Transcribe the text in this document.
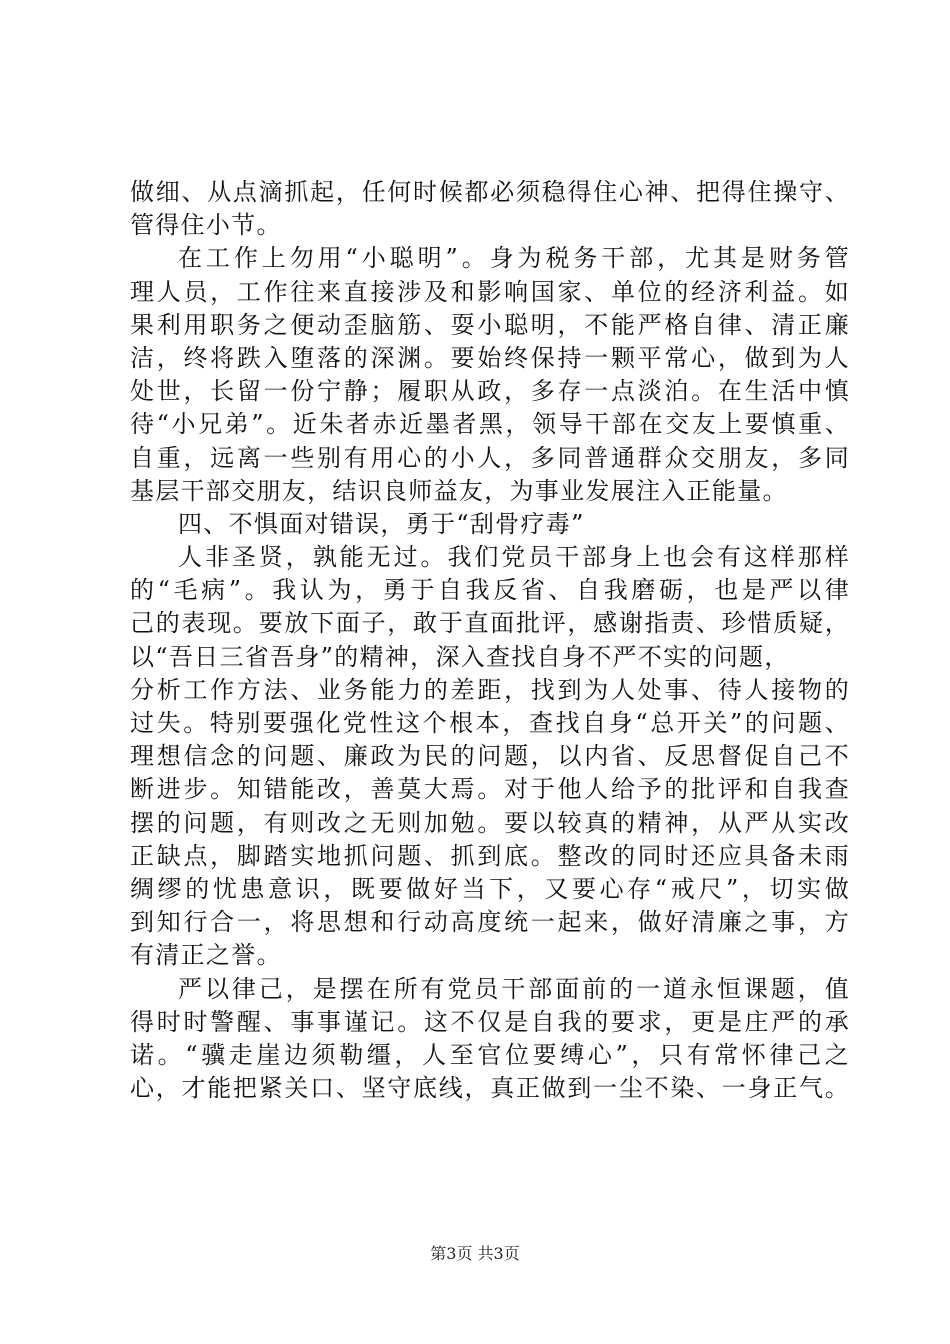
做细、从点滴抓起，任何时候都必须稳得住心神、把得住操守、
管得住小节。
在工作上勿用“小聪明”。身为税务干部，尤其是财务管
理人员，工作往来直接涉及和影响国家、单位的经济利益。如
果利用职务之便动歪脑筋、耍小聪明，不能严格自律、清正廉
洁，终将跌入堕落的深渊。要始终保持一颗平常心，做到为人
处世，长留一份宁静；履职从政，多存一点淡泊。在生活中慎
待“小兄弟”。近朱者赤近墨者黑，领导干部在交友上要慎重、
自重，远离一些别有用心的小人，多同普通群众交朋友，多同
基层干部交朋友，结识良师益友，为事业发展注入正能量。
四、不惧面对错误，勇于“刮骨疗毒”
人非圣贤，孰能无过。我们党员干部身上也会有这样那样
的“毛病”。我认为，勇于自我反省、自我磨砺，也是严以律
己的表现。要放下面子，敢于直面批评，感谢指责、珍惜质疑，
以“吾日三省吾身”的精神，深入查找自身不严不实的问题，
分析工作方法、业务能力的差距，找到为人处事、待人接物的
过失。特别要强化党性这个根本，查找自身“总开关”的问题、
理想信念的问题、廉政为民的问题，以内省、反思督促自己不
断进步。知错能改，善莫大焉。对于他人给予的批评和自我查
摆的问题，有则改之无则加勉。要以较真的精神，从严从实改
正缺点，脚踏实地抓问题、抓到底。整改的同时还应具备未雨
绸缪的忧患意识，既要做好当下，又要心存“戒尺”，切实做
到知行合一，将思想和行动高度统一起来，做好清廉之事，方
有清正之誉。
严以律己，是摆在所有党员干部面前的一道永恒课题，值
得时时警醒、事事谨记。这不仅是自我的要求，更是庄严的承
诺。“骥走崖边须勒缰，人至官位要缚心”，只有常怀律己之
心，才能把紧关口、坚守底线，真正做到一尘不染、一身正气。
第3页 共3页
